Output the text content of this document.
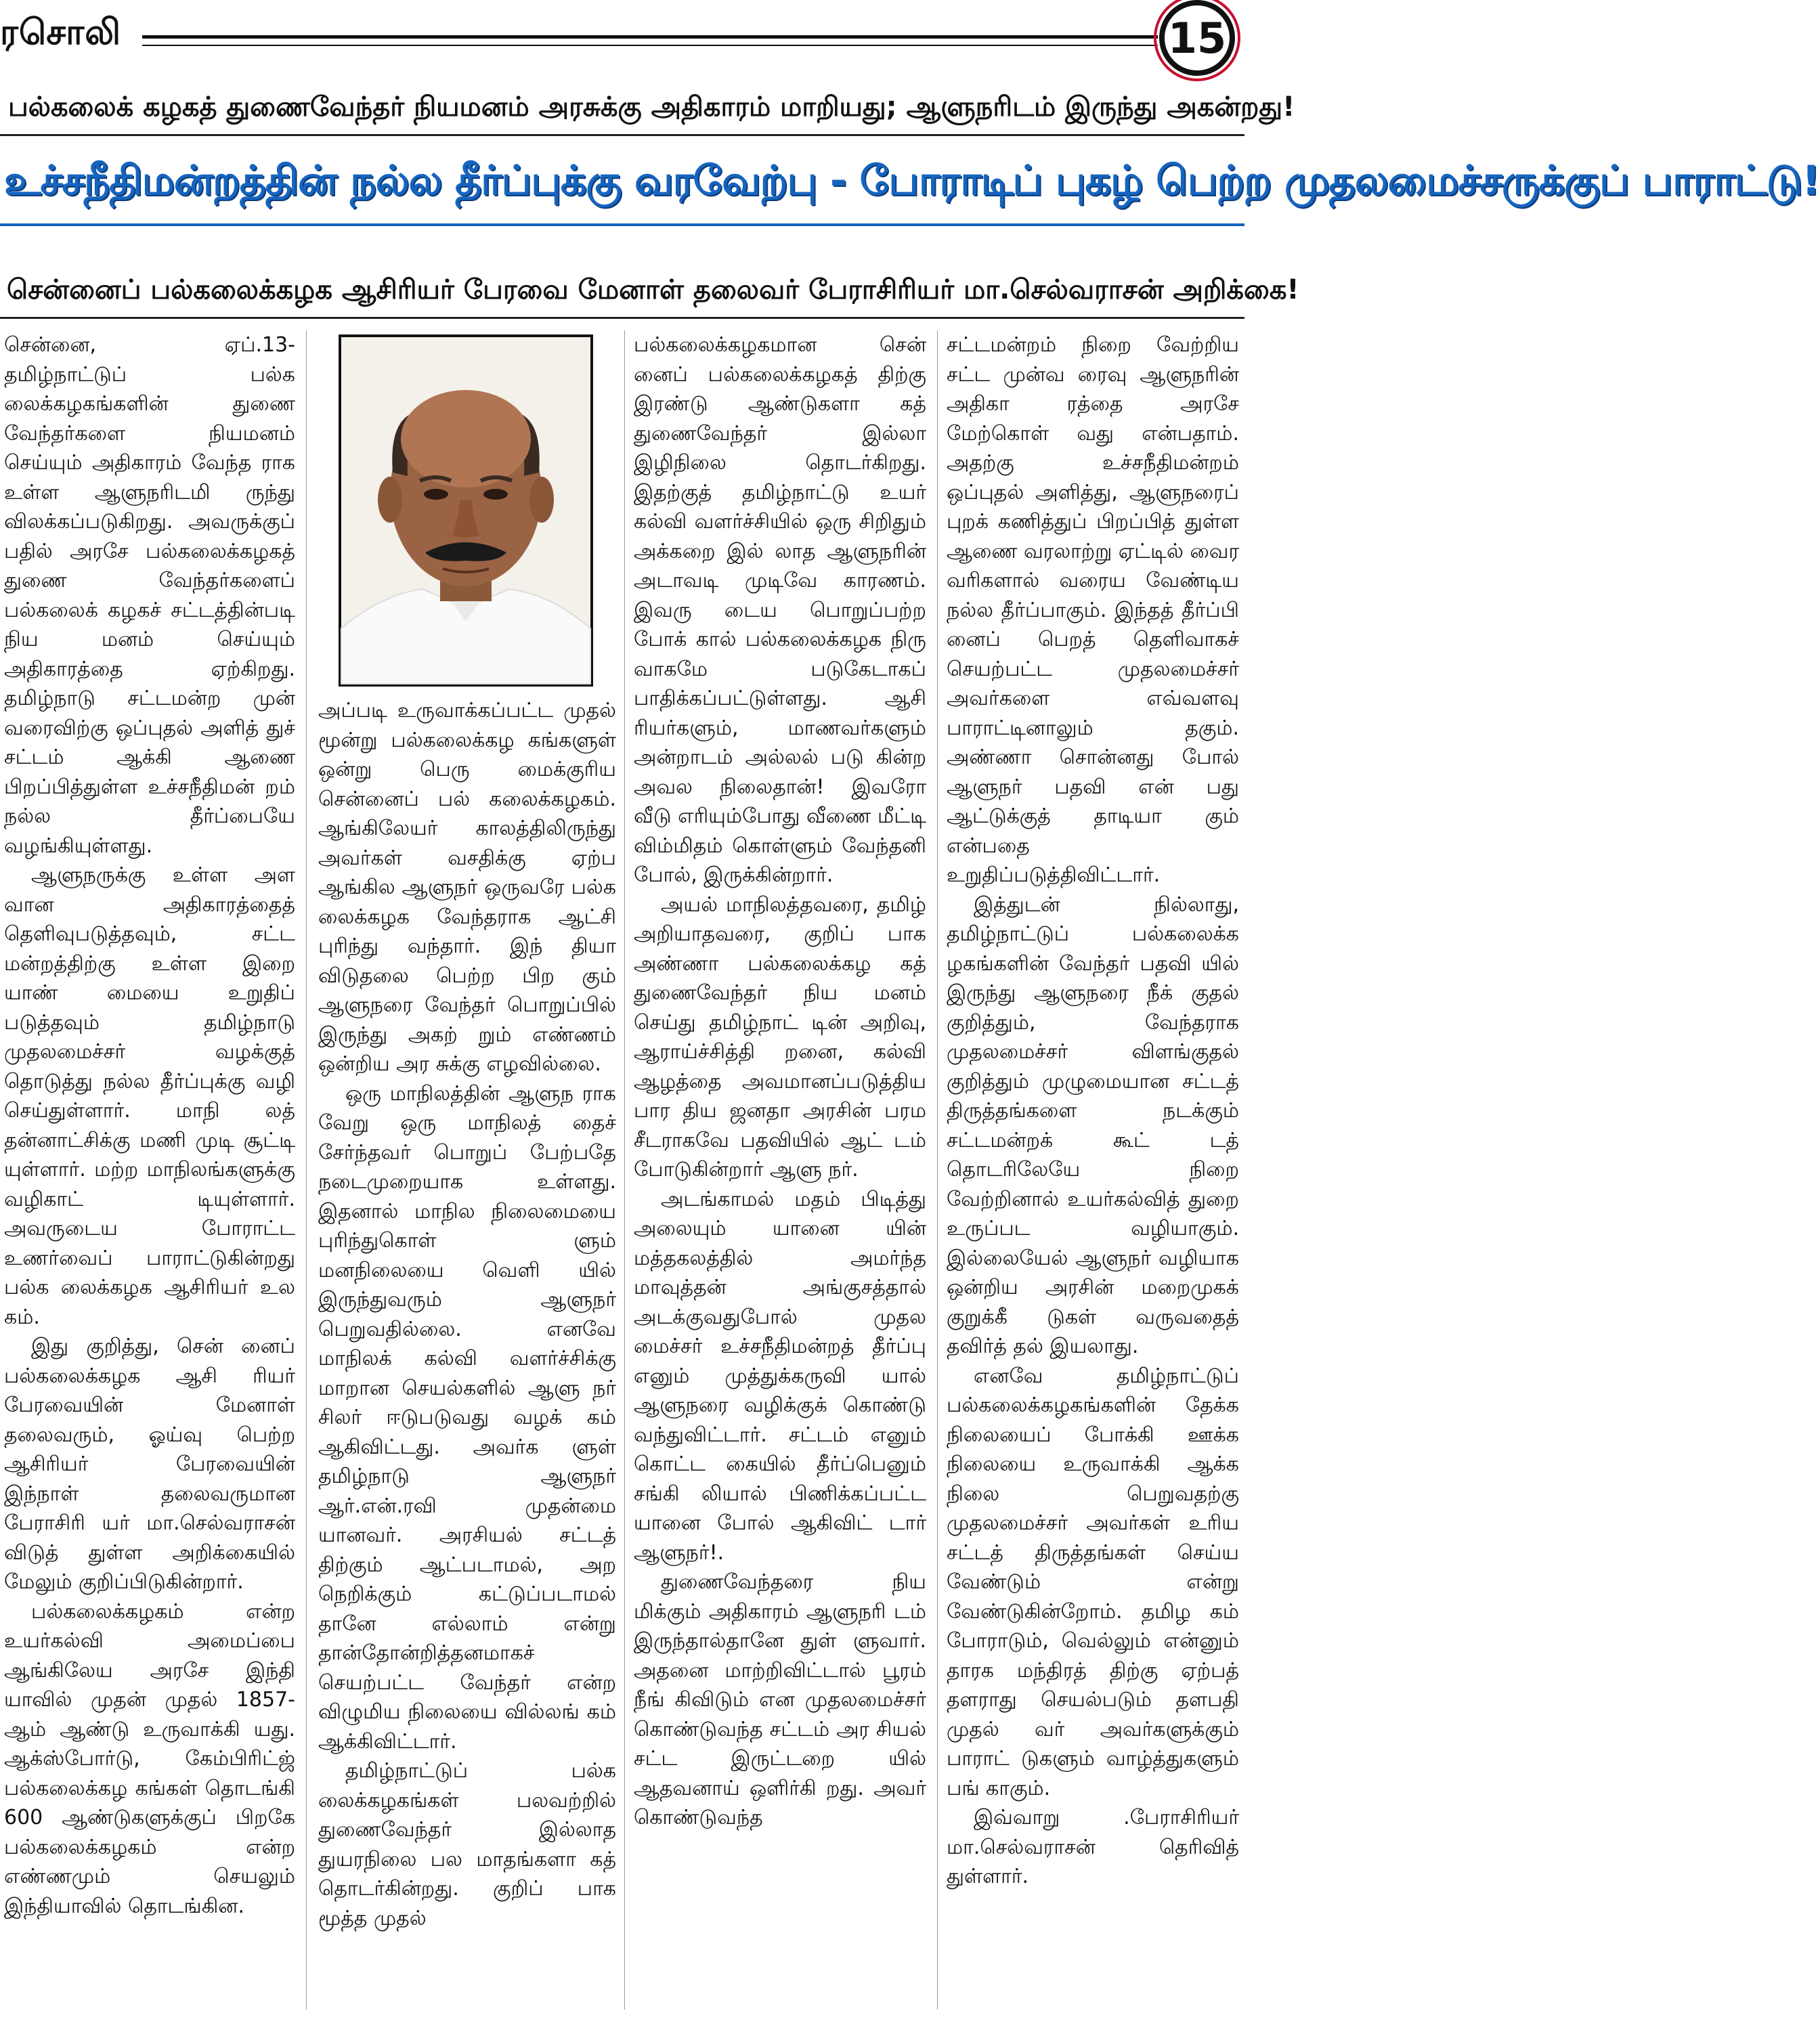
ரசொலி	15
பல்கலைக் கழகத் துணைவேந்தர் நியமனம் அரசுக்கு அதிகாரம் மாறியது; ஆளுநரிடம் இருந்து அகன்றது!
உச்சநீதிமன்றத்தின் நல்ல தீர்ப்புக்கு வரவேற்பு - போராடிப் புகழ் பெற்ற முதலமைச்சருக்குப் பாராட்டு!
சென்னைப் பல்கலைக்கழக ஆசிரியர் பேரவை மேனாள் தலைவர் பேராசிரியர் மா.செல்வராசன் அறிக்கை!

சென்னை, ஏப்.13- தமிழ்நாட்டுப் பல்க லைக்கழகங்களின் துணை வேந்தர்களை நியமனம் செய்யும் அதிகாரம் வேந்த ராக உள்ள ஆளுநரிடமி ருந்து விலக்கப்படுகிறது. அவருக்குப் பதில் அரசே பல்கலைக்கழகத் துணை வேந்தர்களைப் பல்கலைக் கழகச் சட்டத்தின்படி நிய மனம் செய்யும் அதிகாரத்தை ஏற்கிறது. தமிழ்நாடு சட்டமன்ற முன் வரைவிற்கு ஒப்புதல் அளித் துச் சட்டம் ஆக்கி ஆணை பிறப்பித்துள்ள உச்சநீதிமன் றம் நல்ல தீர்ப்பையே வழங்கியுள்ளது.

ஆளுநருக்கு உள்ள அள வான அதிகாரத்தைத் தெளிவுபடுத்தவும், சட்ட மன்றத்திற்கு உள்ள இறை யாண் மையை உறுதிப் படுத்தவும் தமிழ்நாடு முதலமைச்சர் வழக்குத் தொடுத்து நல்ல தீர்ப்புக்கு வழி செய்துள்ளார். மாநி லத் தன்னாட்சிக்கு மணி முடி சூட்டி யுள்ளார். மற்ற மாநிலங்களுக்கு வழிகாட் டியுள்ளார். அவருடைய போராட்ட உணர்வைப் பாராட்டுகின்றது பல்க லைக்கழக ஆசிரியர் உல கம்.

இது குறித்து, சென் னைப் பல்கலைக்கழக ஆசி ரியர் பேரவையின் மேனாள் தலைவரும், ஓய்வு பெற்ற ஆசிரியர் பேரவையின் இந்நாள் தலைவருமான பேராசிரி யர் மா.செல்வராசன் விடுத் துள்ள அறிக்கையில் மேலும் குறிப்பிடுகின்றார்.

பல்கலைக்கழகம் என்ற உயர்கல்வி அமைப்பை ஆங்கிலேய அரசே இந்தி யாவில் முதன் முதல் 1857- ஆம் ஆண்டு உருவாக்கி யது. ஆக்ஸ்போர்டு, கேம்பிரிட்ஜ் பல்கலைக்கழ கங்கள் தொடங்கி 600 ஆண்டுகளுக்குப் பிறகே பல்கலைக்கழகம் என்ற எண்ணமும் செயலும் இந்தியாவில் தொடங்கின.

அப்படி உருவாக்கப்பட்ட முதல் மூன்று பல்கலைக்கழ கங்களுள் ஒன்று பெரு மைக்குரிய சென்னைப் பல் கலைக்கழகம். ஆங்கிலேயர் காலத்திலிருந்து அவர்கள் வசதிக்கு ஏற்ப ஆங்கில ஆளுநர் ஒருவரே பல்க லைக்கழக வேந்தராக ஆட்சி புரிந்து வந்தார். இந் தியா விடுதலை பெற்ற பிற கும் ஆளுநரை வேந்தர் பொறுப்பில் இருந்து அகற் றும் எண்ணம் ஒன்றிய அர சுக்கு எழவில்லை.

ஒரு மாநிலத்தின் ஆளுந ராக வேறு ஒரு மாநிலத் தைச் சேர்ந்தவர் பொறுப் பேற்பதே நடைமுறையாக உள்ளது. இதனால் மாநில நிலைமையை புரிந்துகொள் ளும் மனநிலையை வெளி யில் இருந்துவரும் ஆளுநர் பெறுவதில்லை. எனவே மாநிலக் கல்வி வளர்ச்சிக்கு மாறான செயல்களில் ஆளு நர் சிலர் ஈடுபடுவது வழக் கம் ஆகிவிட்டது. அவர்க ளுள் தமிழ்நாடு ஆளுநர் ஆர்.என்.ரவி முதன்மை யானவர். அரசியல் சட்டத் திற்கும் ஆட்படாமல், அற நெறிக்கும் கட்டுப்படாமல் தானே எல்லாம் என்று தான்தோன்றித்தனமாகச் செயற்பட்ட வேந்தர் என்ற விழுமிய நிலையை வில்லங் கம் ஆக்கிவிட்டார்.

தமிழ்நாட்டுப் பல்க லைக்கழகங்கள் பலவற்றில் துணைவேந்தர் இல்லாத துயரநிலை பல மாதங்களா கத் தொடர்கின்றது. குறிப் பாக மூத்த முதல்

பல்கலைக்கழகமான சென் னைப் பல்கலைக்கழகத் திற்கு இரண்டு ஆண்டுகளா கத் துணைவேந்தர் இல்லா இழிநிலை தொடர்கிறது. இதற்குத் தமிழ்நாட்டு உயர் கல்வி வளர்ச்சியில் ஒரு சிறிதும் அக்கறை இல் லாத ஆளுநரின் அடாவடி முடிவே காரணம். இவரு டைய பொறுப்பற்ற போக் கால் பல்கலைக்கழக நிரு வாகமே படுகேடாகப் பாதிக்கப்பட்டுள்ளது. ஆசி ரியர்களும், மாணவர்களும் அன்றாடம் அல்லல் படு கின்ற அவல நிலைதான்! இவரோ வீடு எரியும்போது வீணை மீட்டி விம்மிதம் கொள்ளும் வேந்தனி போல், இருக்கின்றார்.

அயல் மாநிலத்தவரை, தமிழ் அறியாதவரை, குறிப் பாக அண்ணா பல்கலைக்கழ கத் துணைவேந்தர் நிய மனம் செய்து தமிழ்நாட் டின் அறிவு, ஆராய்ச்சித்தி றனை, கல்வி ஆழத்தை அவமானப்படுத்திய பார திய ஜனதா அரசின் பரம சீடராகவே பதவியில் ஆட் டம் போடுகின்றார் ஆளு நர்.

அடங்காமல் மதம் பிடித்து அலையும் யானை யின் மத்தகலத்தில் அமர்ந்த மாவுத்தன் அங்குசத்தால் அடக்குவதுபோல் முதல மைச்சர் உச்சநீதிமன்றத் தீர்ப்பு எனும் முத்துக்கருவி யால் ஆளுநரை வழிக்குக் கொண்டு வந்துவிட்டார். சட்டம் எனும் கொட்ட கையில் தீர்ப்பெனும் சங்கி லியால் பிணிக்கப்பட்ட யானை போல் ஆகிவிட் டார் ஆளுநர்!.

துணைவேந்தரை நிய மிக்கும் அதிகாரம் ஆளுநரி டம் இருந்தால்தானே துள் ளுவார். அதனை மாற்றிவிட்டால் பூரம் நீங் கிவிடும் என முதலமைச்சர் கொண்டுவந்த சட்டம் அர சியல் சட்ட இருட்டறை யில் ஆதவனாய் ஒளிர்கி றது. அவர் கொண்டுவந்த

சட்டமன்றம் நிறை வேற்றிய சட்ட முன்வ ரைவு ஆளுநரின் அதிகா ரத்தை அரசே மேற்கொள் வது என்பதாம். அதற்கு உச்சநீதிமன்றம் ஒப்புதல் அளித்து, ஆளுநரைப் புறக் கணித்துப் பிறப்பித் துள்ள ஆணை வரலாற்று ஏட்டில் வைர வரிகளால் வரைய வேண்டிய நல்ல தீர்ப்பாகும். இந்தத் தீர்ப்பி னைப் பெறத் தெளிவாகச் செயற்பட்ட முதலமைச்சர் அவர்களை எவ்வளவு பாராட்டினாலும் தகும். அண்ணா சொன்னது போல் ஆளுநர் பதவி என் பது ஆட்டுக்குத் தாடியா கும் என்பதை உறுதிப்படுத்திவிட்டார்.

இத்துடன் நில்லாது, தமிழ்நாட்டுப் பல்கலைக்க ழகங்களின் வேந்தர் பதவி யில் இருந்து ஆளுநரை நீக் குதல் குறித்தும், வேந்தராக முதலமைச்சர் விளங்குதல் குறித்தும் முழுமையான சட்டத் திருத்தங்களை நடக்கும் சட்டமன்றக் கூட் டத் தொடரிலேயே நிறை வேற்றினால் உயர்கல்வித் துறை உருப்பட வழியாகும். இல்லையேல் ஆளுநர் வழியாக ஒன்றிய அரசின் மறைமுகக் குறுக்கீ டுகள் வருவதைத் தவிர்த் தல் இயலாது.

எனவே தமிழ்நாட்டுப் பல்கலைக்கழகங்களின் தேக்க நிலையைப் போக்கி ஊக்க நிலையை உருவாக்கி ஆக்க நிலை பெறுவதற்கு முதலமைச்சர் அவர்கள் உரிய சட்டத் திருத்தங்கள் செய்ய வேண்டும் என்று வேண்டுகின்றோம். தமிழ கம் போராடும், வெல்லும் என்னும் தாரக மந்திரத் திற்கு ஏற்பத் தளராது செயல்படும் தளபதி முதல் வர் அவர்களுக்கும் பாராட் டுகளும் வாழ்த்துகளும் பங் காகும்.

இவ்வாறு .பேராசிரியர் மா.செல்வராசன் தெரிவித் துள்ளார்.
